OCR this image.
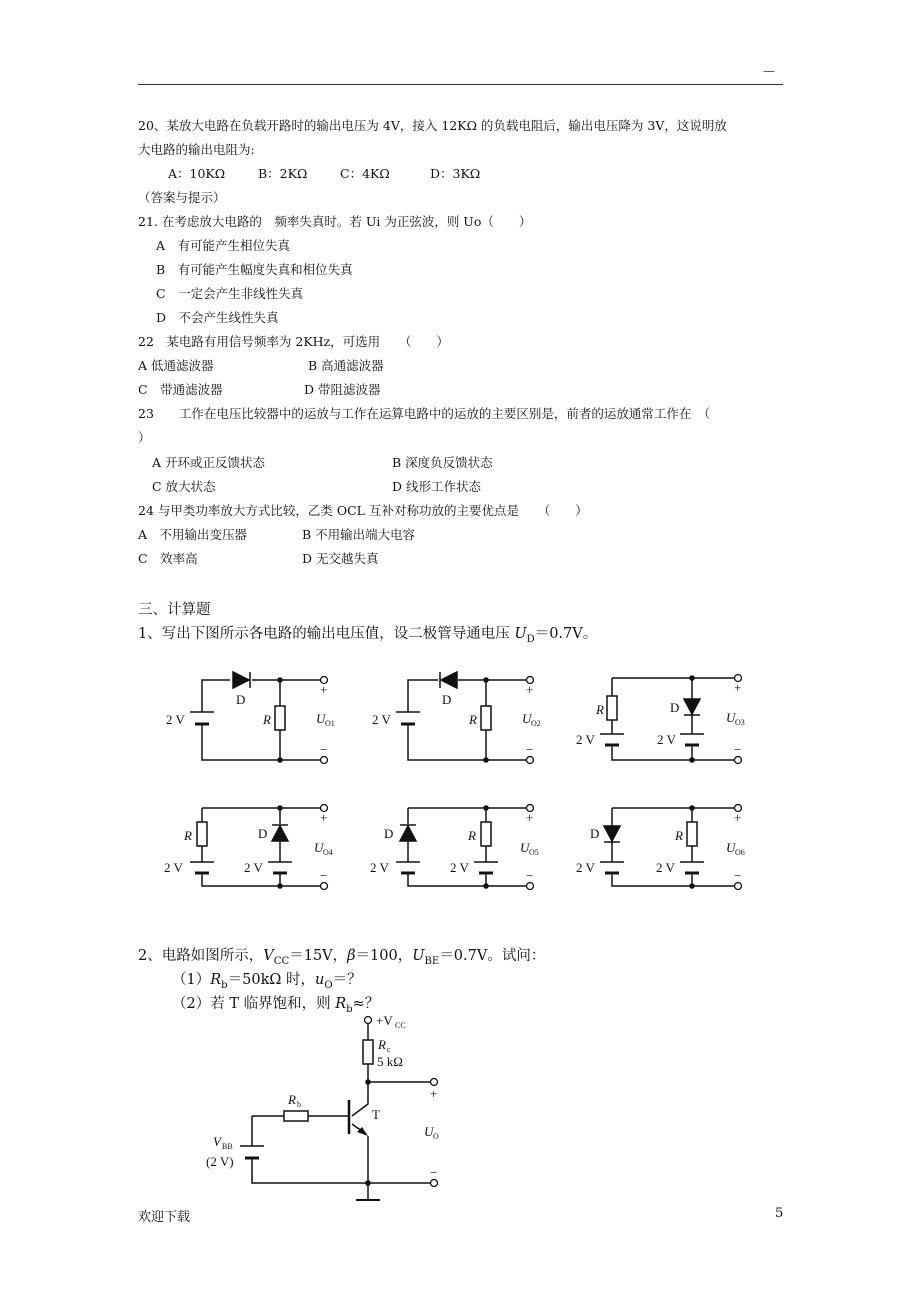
—
20、某放大电路在负载开路时的输出电压为 4V，接入 12KΩ 的负载电阻后，输出电压降为 3V，这说明放
大电路的输出电阻为:
A：10KΩ	B：2KΩ	C：4KΩ	D：3KΩ
（答案与提示）
21. 在考虑放大电路的　频率失真时。若 Ui 为正弦波，则 Uo（　　）
A　有可能产生相位失真
B　有可能产生幅度失真和相位失真
C　一定会产生非线性失真
D　不会产生线性失真
22　某电路有用信号频率为 2KHz，可选用　　（　　）
A 低通滤波器	B 高通滤波器
C　带通滤波器	D 带阻滤波器
23　　工作在电压比较器中的运放与工作在运算电路中的运放的主要区别是，前者的运放通常工作在　（
）
A 开环或正反馈状态	B 深度负反馈状态
C 放大状态	D 线形工作状态
24 与甲类功率放大方式比较，乙类 OCL 互补对称功放的主要优点是　　（　　）
A　不用输出变压器	B 不用输出端大电容
C　效率高	D 无交越失真
三、计算题
1、写出下图所示各电路的输出电压值，设二极管导通电压 $U_D=0.7V$。
2 V
D
R
+
−
U O1	2 V
D
R
+
−
U O2
R
2 V
D
2 V
+
−
U O3
R
2 V
D
2 V
+
−
U O4
D
2 V
R
2 V
+
−
U O5
D
2 V
R
2 V
+
−
U O6
2、电路如图所示，$V_{CC}=15V$，β＝100，$U_{BE}=0.7V$。试问：
$(1)R_b=50k\Omega$ 时，$u_O=$？
（2）若 T 临界饱和，则 $R_b\approx$？
+V CC
R c
5 kΩ
R b
T
V BB
(2 V)
+
−
U O
欢迎下载	5
